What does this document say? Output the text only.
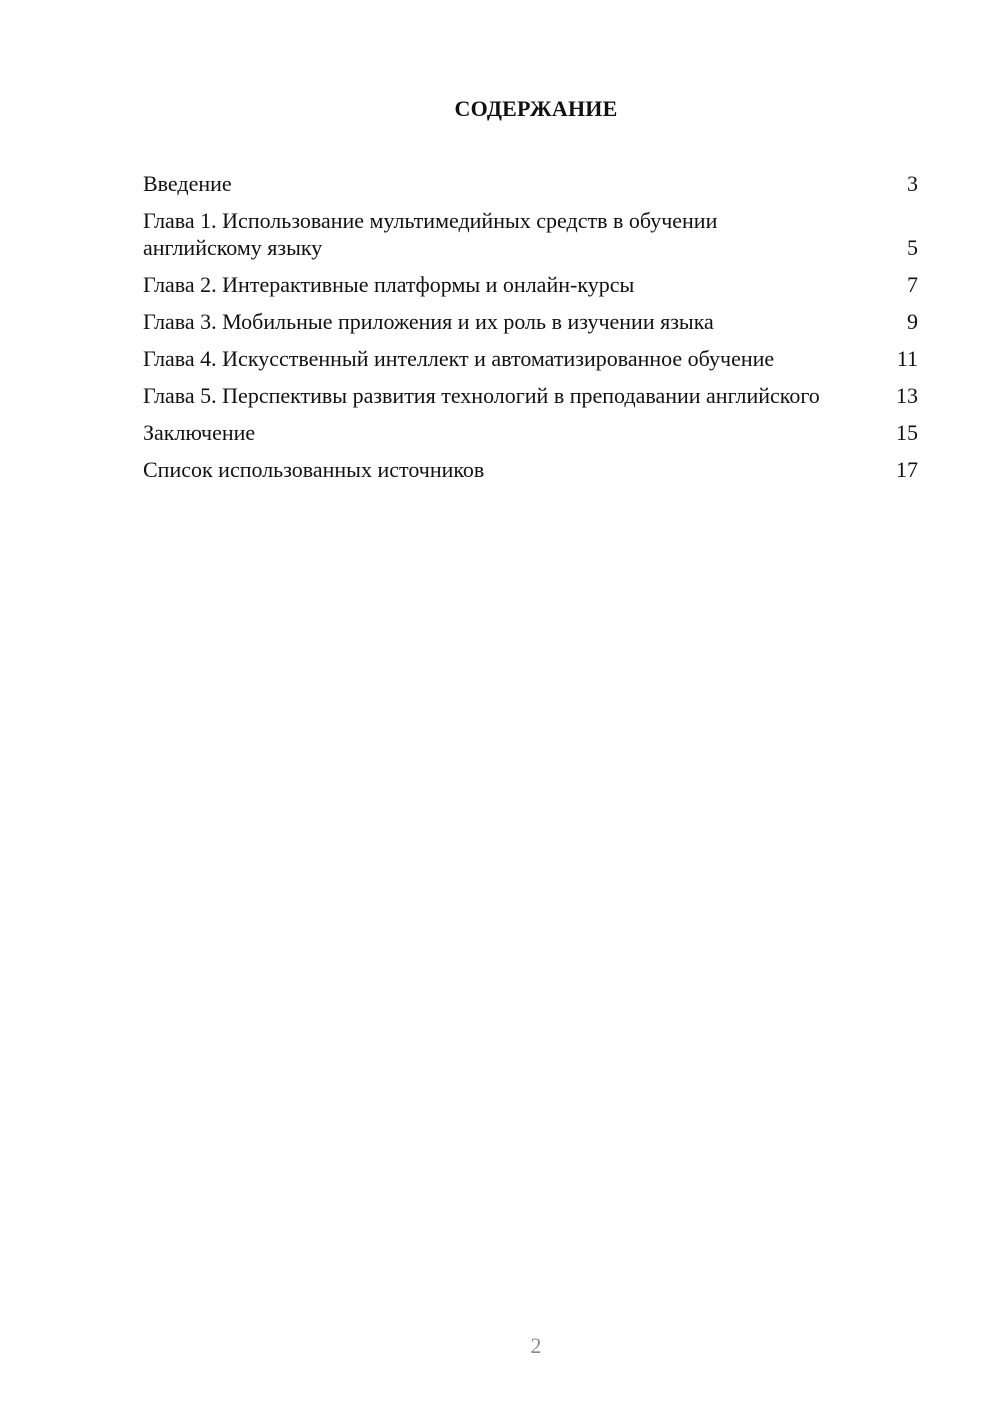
СОДЕРЖАНИЕ
Введение	3
Глава 1. Использование мультимедийных средств в обучении английскому языку	5
Глава 2. Интерактивные платформы и онлайн-курсы	7
Глава 3. Мобильные приложения и их роль в изучении языка	9
Глава 4. Искусственный интеллект и автоматизированное обучение	11
Глава 5. Перспективы развития технологий в преподавании английского	13
Заключение	15
Список использованных источников	17
2
